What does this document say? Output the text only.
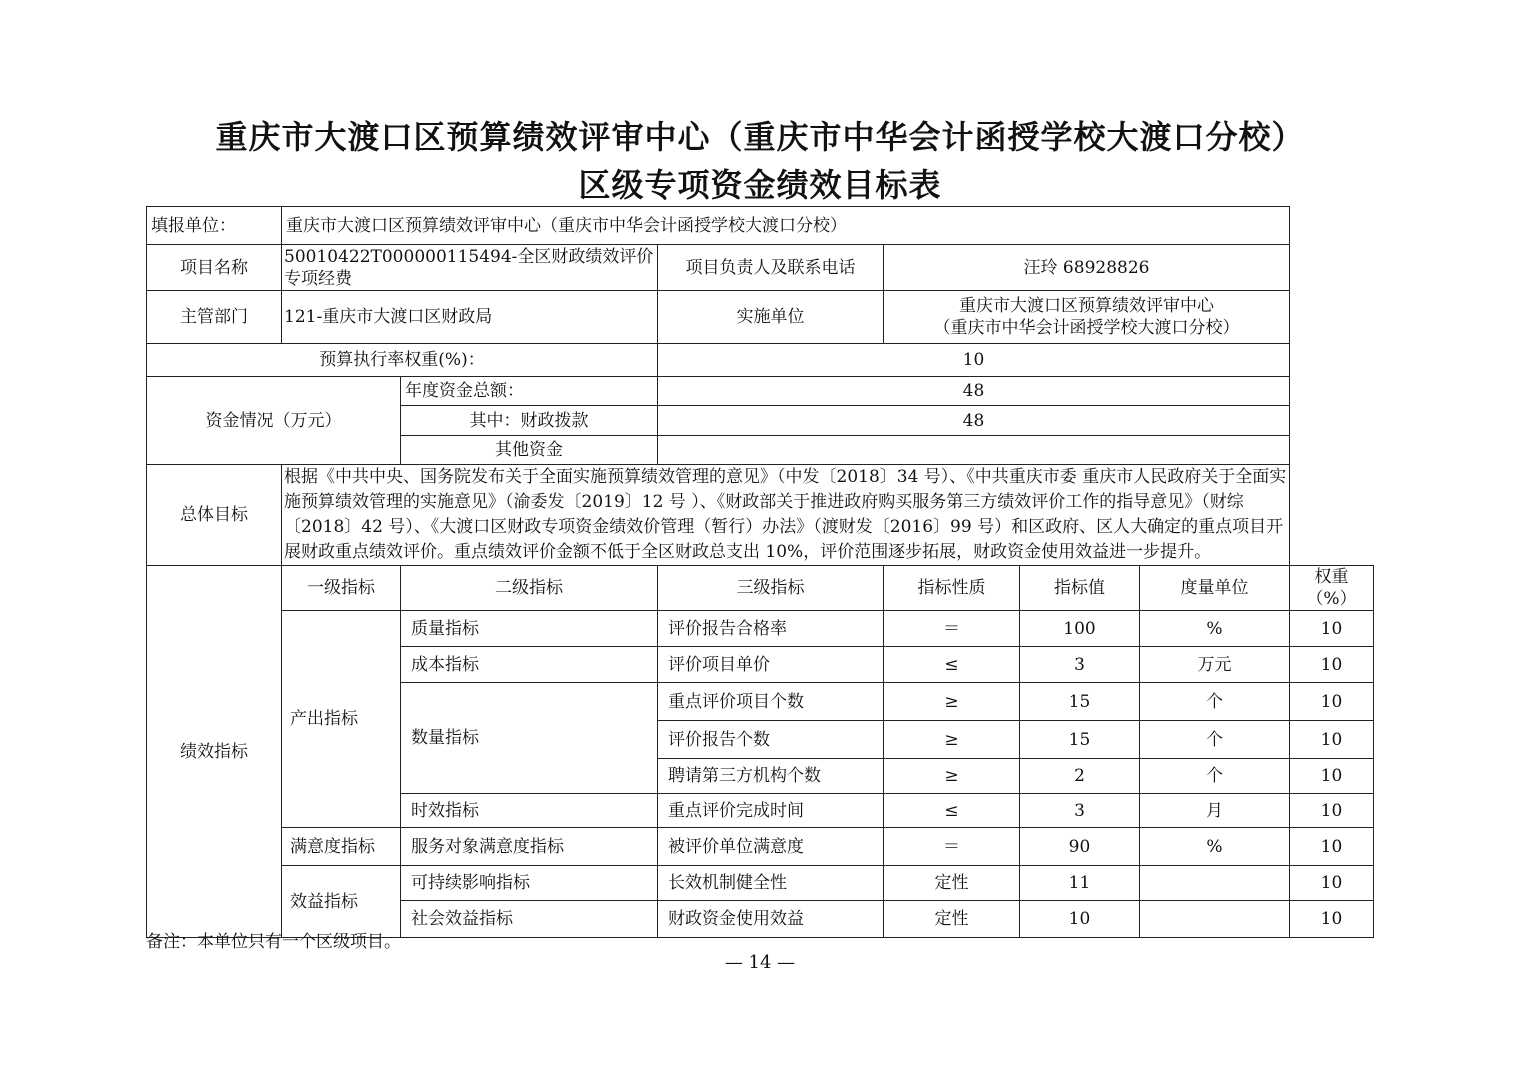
重庆市大渡口区预算绩效评审中心（重庆市中华会计函授学校大渡口分校）
区级专项资金绩效目标表
填报单位：	重庆市大渡口区预算绩效评审中心（重庆市中华会计函授学校大渡口分校）						
项目名称	50010422T000000115494-全区财政绩效评价专项经费		项目负责人及联系电话	汪玲 68928826			
主管部门	121-重庆市大渡口区财政局		实施单位	重庆市大渡口区预算绩效评审中心
（重庆市中华会计函授学校大渡口分校）			

预算执行率权重(%)：			10				
资金情况（万元）		年度资金总额：	48				
		其中：财政拨款	48				
		其他资金					
总体目标	根据《中共中央、国务院发布关于全面实施预算绩效管理的意见》（中发〔2018〕34 号）、《中共重庆市委 重庆市人民政府关于全面实施预算绩效管理的实施意见》（渝委发〔2019〕12 号 ）、《财政部关于推进政府购买服务第三方绩效评价工作的指导意见》（财综〔2018〕42 号）、《大渡口区财政专项资金绩效价管理（暂行）办法》（渡财发〔2016〕99 号）和区政府、区人大确定的重点项目开展财政重点绩效评价。重点绩效评价金额不低于全区财政总支出 10%，评价范围逐步拓展，财政资金使用效益进一步提升。						
绩效指标	一级指标	二级指标	三级指标	指标性质	指标值	度量单位	权重（%）
	产出指标	质量指标	评价报告合格率	＝	100	%	10
		成本指标	评价项目单价	≤	3	万元	10
		数量指标	重点评价项目个数	≥	15	个	10
			评价报告个数	≥	15	个	10
			聘请第三方机构个数	≥	2	个	10
		时效指标	重点评价完成时间	≤	3	月	10
	满意度指标	服务对象满意度指标	被评价单位满意度	＝	90	%	10
	效益指标	可持续影响指标	长效机制健全性	定性	11		10
		社会效益指标	财政资金使用效益	定性	10		10
备注：本单位只有一个区级项目。
— 14 —
